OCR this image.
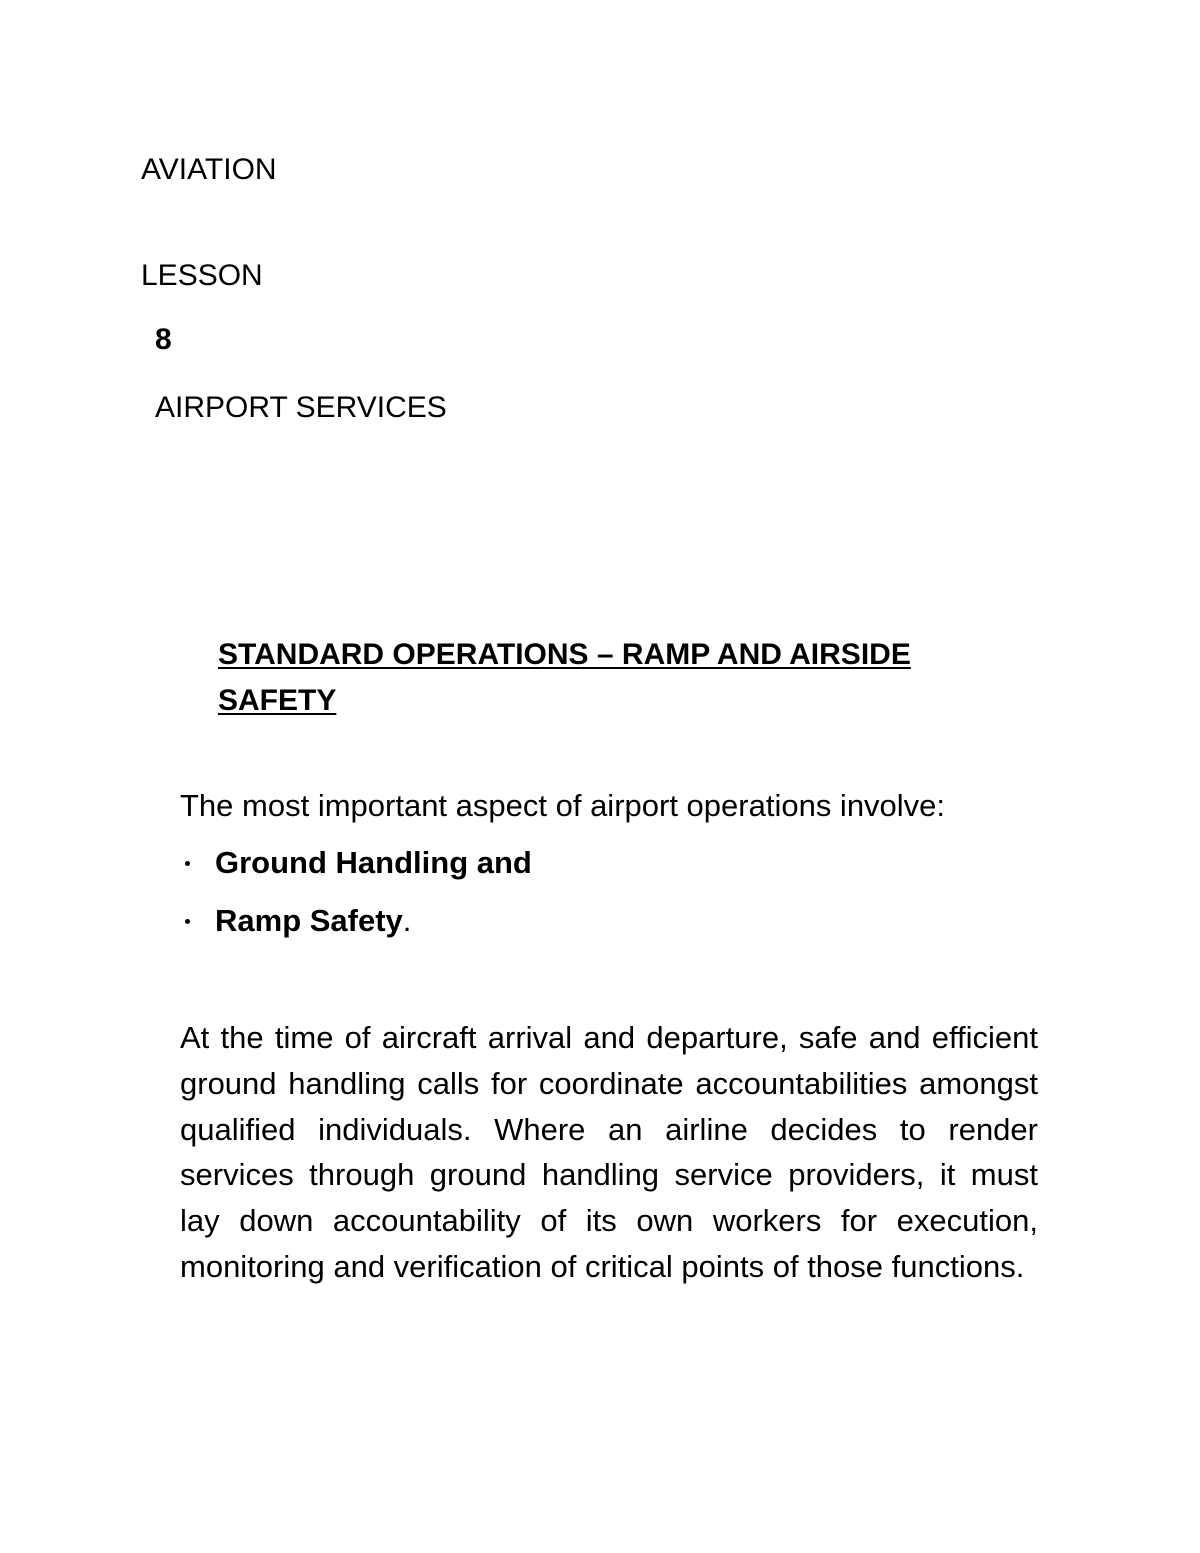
AVIATION

LESSON

8

AIRPORT SERVICES

STANDARD OPERATIONS – RAMP AND AIRSIDE SAFETY

The most important aspect of airport operations involve:

Ground Handling and
Ramp Safety.

At the time of aircraft arrival and departure, safe and efficient ground handling calls for coordinate accountabilities amongst qualified individuals. Where an airline decides to render services through ground handling service providers, it must lay down accountability of its own workers for execution, monitoring and verification of critical points of those functions.
